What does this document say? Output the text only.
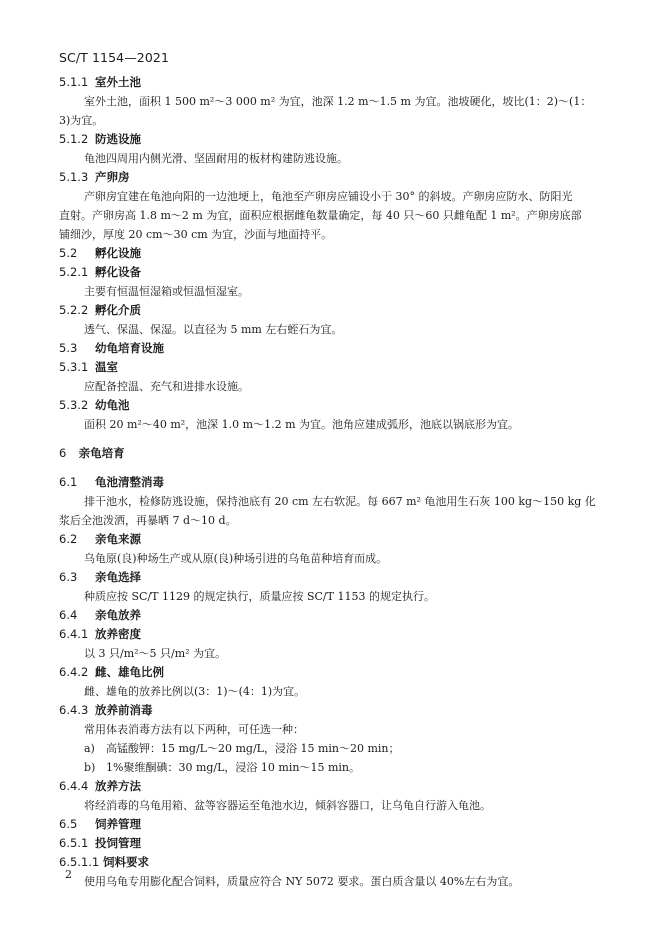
SC/T 1154—2021
5.1.1 室外土池
室外土池，面积 1 500 m²～3 000 m² 为宜，池深 1.2 m～1.5 m 为宜。池坡硬化，坡比(1：2)～(1：
3)为宜。
5.1.2 防逃设施
龟池四周用内侧光滑、坚固耐用的板材构建防逃设施。
5.1.3 产卵房
产卵房宜建在龟池向阳的一边池埂上，龟池至产卵房应铺设小于 30° 的斜坡。产卵房应防水、防阳光
直射。产卵房高 1.8 m～2 m 为宜，面积应根据雌龟数量确定，每 40 只～60 只雌龟配 1 m²。产卵房底部
铺细沙，厚度 20 cm～30 cm 为宜，沙面与地面持平。
5.2 孵化设施
5.2.1 孵化设备
主要有恒温恒湿箱或恒温恒湿室。
5.2.2 孵化介质
透气、保温、保湿。以直径为 5 mm 左右蛭石为宜。
5.3 幼龟培育设施
5.3.1 温室
应配备控温、充气和进排水设施。
5.3.2 幼龟池
面积 20 m²～40 m²，池深 1.0 m～1.2 m 为宜。池角应建成弧形，池底以锅底形为宜。
6 亲龟培育
6.1 龟池清整消毒
排干池水，检修防逃设施，保持池底有 20 cm 左右软泥。每 667 m² 龟池用生石灰 100 kg～150 kg 化
浆后全池泼洒，再暴晒 7 d～10 d。
6.2 亲龟来源
乌龟原(良)种场生产或从原(良)种场引进的乌龟苗种培育而成。
6.3 亲龟选择
种质应按 SC/T 1129 的规定执行，质量应按 SC/T 1153 的规定执行。
6.4 亲龟放养
6.4.1 放养密度
以 3 只/m²～5 只/m² 为宜。
6.4.2 雌、雄龟比例
雌、雄龟的放养比例以(3：1)～(4：1)为宜。
6.4.3 放养前消毒
常用体表消毒方法有以下两种，可任选一种：
a) 高锰酸钾：15 mg/L～20 mg/L，浸浴 15 min～20 min；
b) 1%聚维酮碘：30 mg/L，浸浴 10 min～15 min。
6.4.4 放养方法
将经消毒的乌龟用箱、盆等容器运至龟池水边，倾斜容器口，让乌龟自行游入龟池。
6.5 饲养管理
6.5.1 投饲管理
6.5.1.1 饲料要求
使用乌龟专用膨化配合饲料，质量应符合 NY 5072 要求。蛋白质含量以 40%左右为宜。
2
